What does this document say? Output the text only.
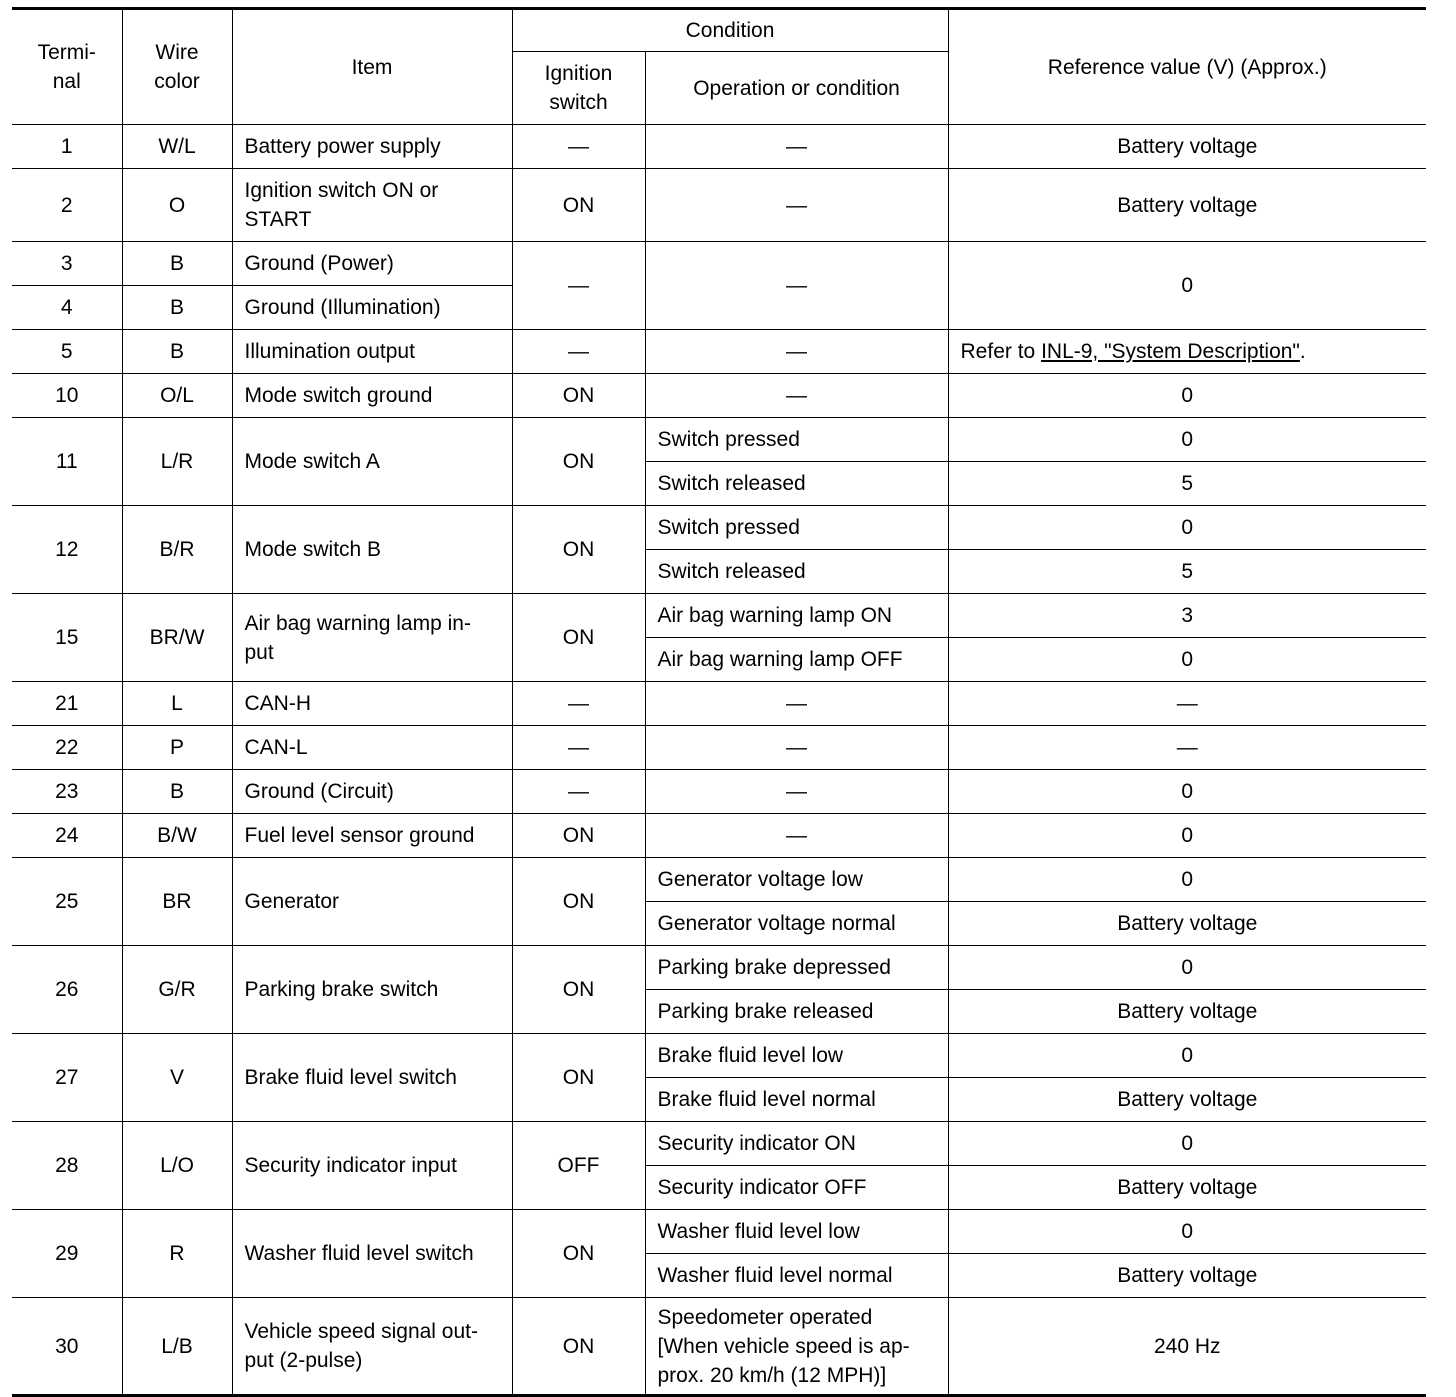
Termi- nal	Wire color	Item	Condition		Reference value (V) (Approx.)
			Ignition switch	Operation or condition	
1	W/L	Battery power supply	—	—	Battery voltage
2	O	Ignition switch ON or START	ON	—	Battery voltage
3	B	Ground (Power)	—	—	0
4	B	Ground (Illumination)			
5	B	Illumination output	—	—	Refer to INL-9, "System Description".
10	O/L	Mode switch ground	ON	—	0
11	L/R	Mode switch A	ON	Switch pressed	0
				Switch released	5
12	B/R	Mode switch B	ON	Switch pressed	0
				Switch released	5
15	BR/W	Air bag warning lamp in- put	ON	Air bag warning lamp ON	3
				Air bag warning lamp OFF	0
21	L	CAN-H	—	—	—
22	P	CAN-L	—	—	—
23	B	Ground (Circuit)	—	—	0
24	B/W	Fuel level sensor ground	ON	—	0
25	BR	Generator	ON	Generator voltage low	0
				Generator voltage normal	Battery voltage
26	G/R	Parking brake switch	ON	Parking brake depressed	0
				Parking brake released	Battery voltage
27	V	Brake fluid level switch	ON	Brake fluid level low	0
				Brake fluid level normal	Battery voltage
28	L/O	Security indicator input	OFF	Security indicator ON	0
				Security indicator OFF	Battery voltage
29	R	Washer fluid level switch	ON	Washer fluid level low	0
				Washer fluid level normal	Battery voltage
30	L/B	Vehicle speed signal out- put (2-pulse)	ON	Speedometer operated [When vehicle speed is ap- prox. 20 km/h (12 MPH)]	240 Hz
